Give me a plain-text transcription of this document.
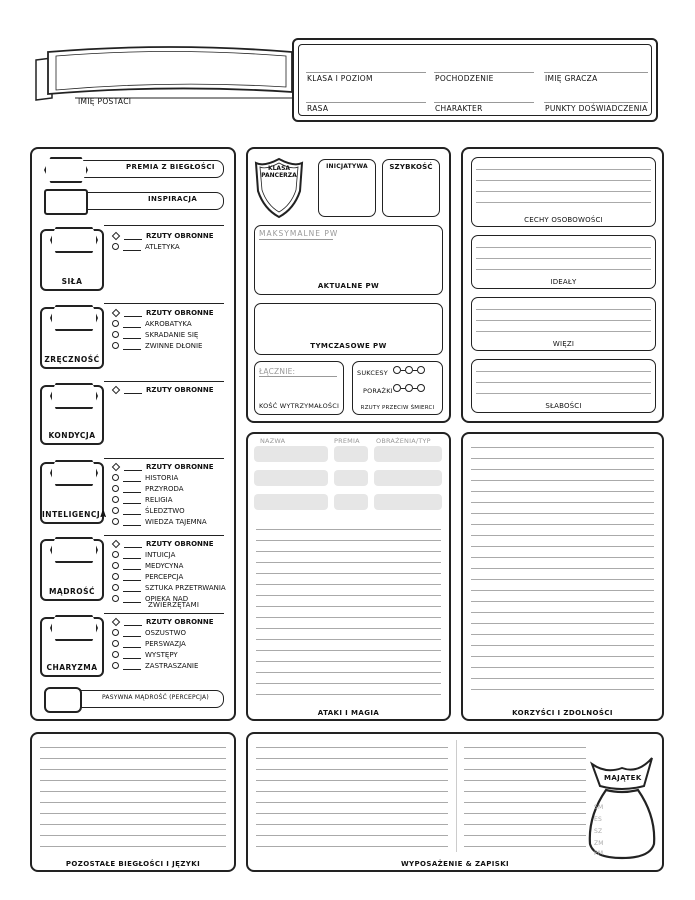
IMIĘ POSTACI
KLASA I POZIOM	POCHODZENIE	IMIĘ GRACZA
RASA	CHARAKTER	PUNKTY DOŚWIADCZENIA
PREMIA Z BIEGŁOŚCI
INSPIRACJA
SIŁA
RZUTY OBRONNE
ATLETYKA
ZRĘCZNOŚĆ
RZUTY OBRONNE
AKROBATYKA
SKRADANIE SIĘ
ZWINNE DŁONIE
KONDYCJA
RZUTY OBRONNE
INTELIGENCJA
RZUTY OBRONNE
HISTORIA
PRZYRODA
RELIGIA
ŚLEDZTWO
WIEDZA TAJEMNA
MĄDROŚĆ
RZUTY OBRONNE
INTUICJA
MEDYCYNA
PERCEPCJA
SZTUKA PRZETRWANIA
OPIEKA NAD
ZWIERZĘTAMI
CHARYZMA
RZUTY OBRONNE
OSZUSTWO
PERSWAZJA
WYSTĘPY
ZASTRASZANIE
PASYWNA MĄDROŚĆ (PERCEPCJA)
KLASA
PANCERZA
INICJATYWA	SZYBKOŚĆ
MAKSYMALNE PW
AKTUALNE PW
TYMCZASOWE PW
ŁĄCZNIE:
KOŚĆ WYTRZYMAŁOŚCI
SUKCESY
PORAŻKI
RZUTY PRZECIW ŚMIERCI
NAZWA	PREMIA	OBRAŻENIA/TYP
ATAKI I MAGIA
CECHY OSOBOWOŚCI
IDEAŁY
WIĘZI
SŁABOŚCI
KORZYŚCI I ZDOLNOŚCI
POZOSTAŁE BIEGŁOŚCI I JĘZYKI
MAJĄTEK
SM
ES
SZ
ZM
PM
WYPOSAŻENIE & ZAPISKI
